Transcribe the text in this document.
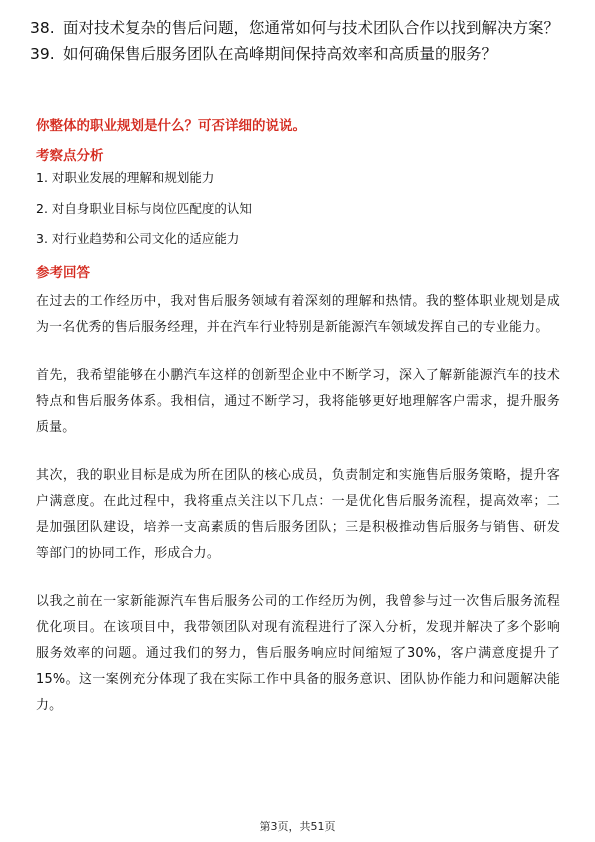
38. 面对技术复杂的售后问题，您通常如何与技术团队合作以找到解决方案？
39. 如何确保售后服务团队在高峰期间保持高效率和高质量的服务？
你整体的职业规划是什么？可否详细的说说。
考察点分析
1. 对职业发展的理解和规划能力
2. 对自身职业目标与岗位匹配度的认知
3. 对行业趋势和公司文化的适应能力
参考回答

在过去的工作经历中，我对售后服务领域有着深刻的理解和热情。我的整体职业规划是成为一名优秀的售后服务经理，并在汽车行业特别是新能源汽车领域发挥自己的专业能力。

首先，我希望能够在小鹏汽车这样的创新型企业中不断学习，深入了解新能源汽车的技术特点和售后服务体系。我相信，通过不断学习，我将能够更好地理解客户需求，提升服务质量。

其次，我的职业目标是成为所在团队的核心成员，负责制定和实施售后服务策略，提升客户满意度。在此过程中，我将重点关注以下几点：一是优化售后服务流程，提高效率；二是加强团队建设，培养一支高素质的售后服务团队；三是积极推动售后服务与销售、研发等部门的协同工作，形成合力。

以我之前在一家新能源汽车售后服务公司的工作经历为例，我曾参与过一次售后服务流程优化项目。在该项目中，我带领团队对现有流程进行了深入分析，发现并解决了多个影响服务效率的问题。通过我们的努力，售后服务响应时间缩短了30%，客户满意度提升了15%。这一案例充分体现了我在实际工作中具备的服务意识、团队协作能力和问题解决能力。

第3页，共51页
